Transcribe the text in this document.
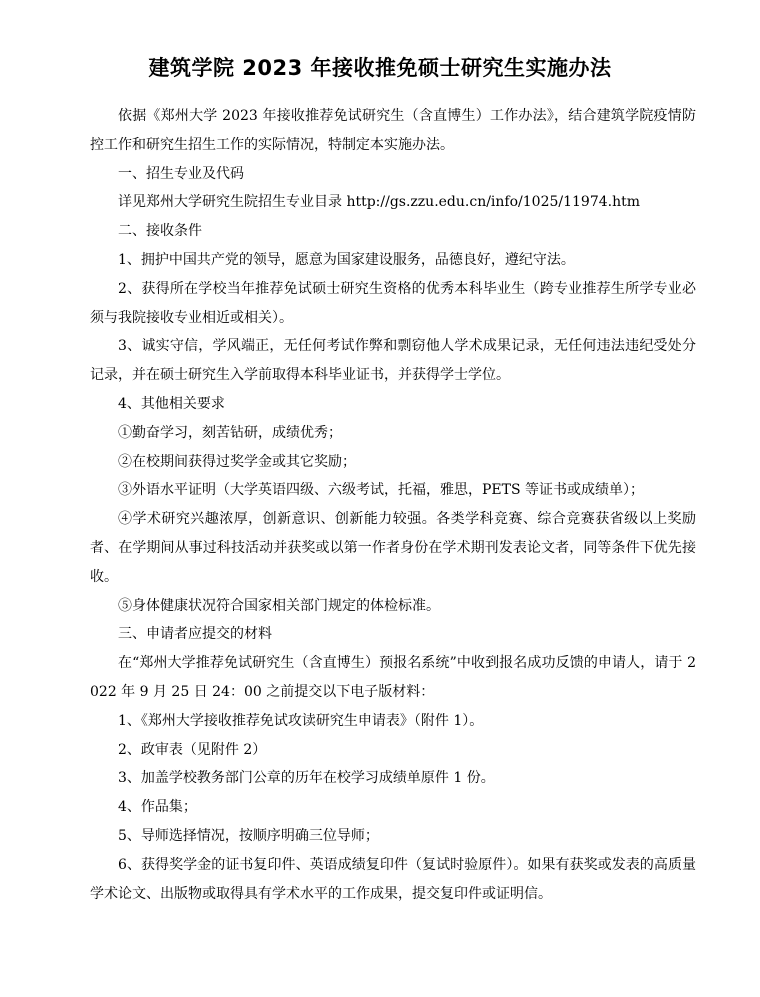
建筑学院 2023 年接收推免硕士研究生实施办法

依据《郑州大学 2023 年接收推荐免试研究生（含直博生）工作办法》，结合建筑学院疫情防控工作和研究生招生工作的实际情况，特制定本实施办法。

一、招生专业及代码

详见郑州大学研究生院招生专业目录 http://gs.zzu.edu.cn/info/1025/11974.htm

二、接收条件

1、拥护中国共产党的领导，愿意为国家建设服务，品德良好，遵纪守法。

2、获得所在学校当年推荐免试硕士研究生资格的优秀本科毕业生（跨专业推荐生所学专业必须与我院接收专业相近或相关）。

3、诚实守信，学风端正，无任何考试作弊和剽窃他人学术成果记录，无任何违法违纪受处分记录，并在硕士研究生入学前取得本科毕业证书，并获得学士学位。

4、其他相关要求

①勤奋学习，刻苦钻研，成绩优秀；

②在校期间获得过奖学金或其它奖励；

③外语水平证明（大学英语四级、六级考试，托福，雅思，PETS 等证书或成绩单）；

④学术研究兴趣浓厚，创新意识、创新能力较强。各类学科竞赛、综合竞赛获省级以上奖励者、在学期间从事过科技活动并获奖或以第一作者身份在学术期刊发表论文者，同等条件下优先接收。

⑤身体健康状况符合国家相关部门规定的体检标准。

三、申请者应提交的材料

在“郑州大学推荐免试研究生（含直博生）预报名系统”中收到报名成功反馈的申请人，请于 2022 年 9 月 25 日 24：00 之前提交以下电子版材料：

1、《郑州大学接收推荐免试攻读研究生申请表》（附件 1）。

2、政审表（见附件 2）

3、加盖学校教务部门公章的历年在校学习成绩单原件 1 份。

4、作品集；

5、导师选择情况，按顺序明确三位导师；

6、获得奖学金的证书复印件、英语成绩复印件（复试时验原件）。如果有获奖或发表的高质量学术论文、出版物或取得具有学术水平的工作成果，提交复印件或证明信。
